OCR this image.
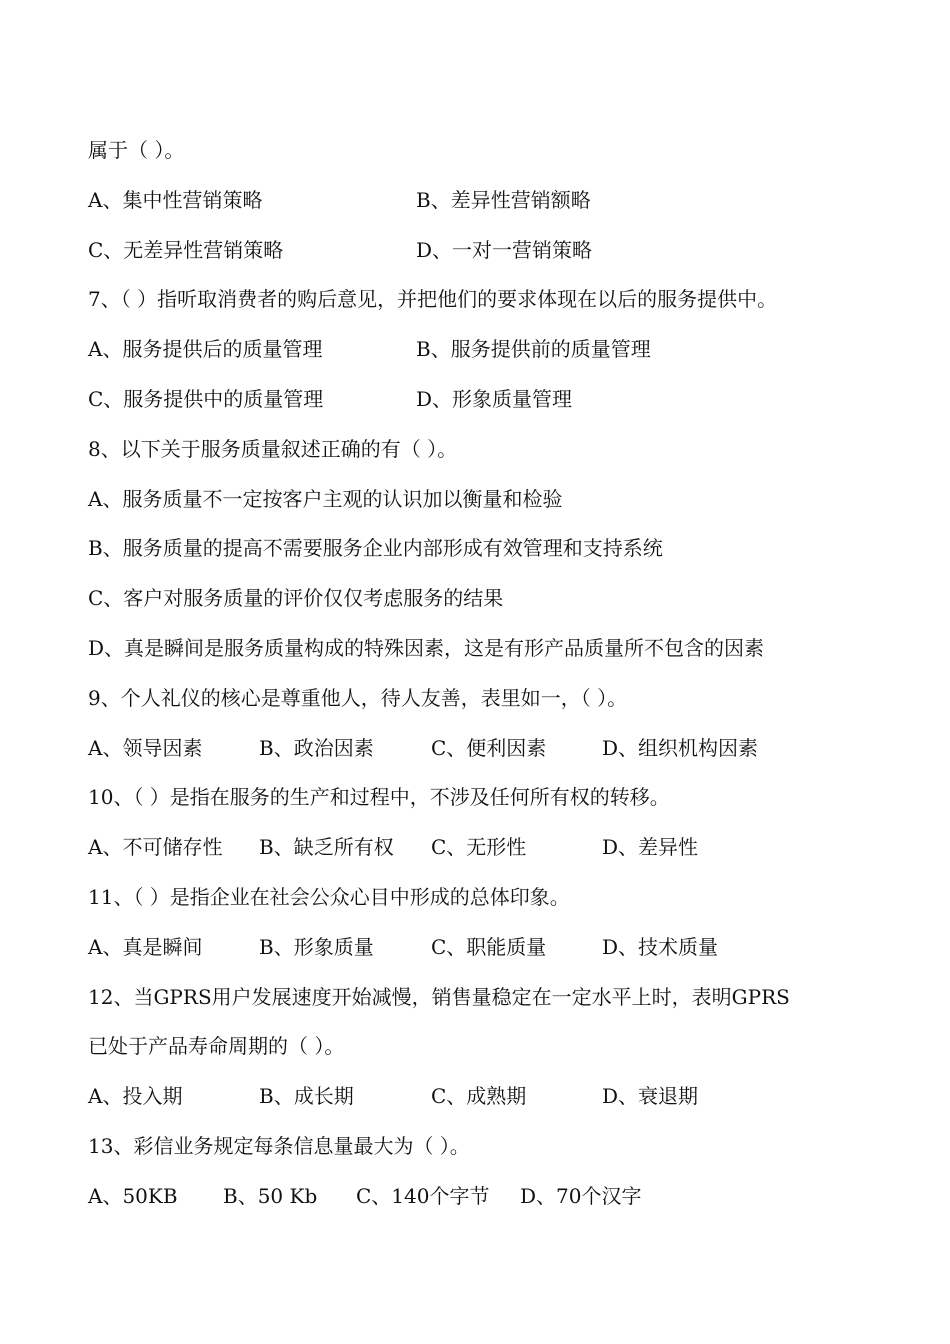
属于（ ）。
A、集中性营销策略	B、差异性营销额略
C、无差异性营销策略	D、一对一营销策略
7、（ ）指听取消费者的购后意见，并把他们的要求体现在以后的服务提供中。
A、服务提供后的质量管理	B、服务提供前的质量管理
C、服务提供中的质量管理	D、形象质量管理
8、以下关于服务质量叙述正确的有（ ）。
A、服务质量不一定按客户主观的认识加以衡量和检验
B、服务质量的提高不需要服务企业内部形成有效管理和支持系统
C、客户对服务质量的评价仅仅考虑服务的结果
D、真是瞬间是服务质量构成的特殊因素，这是有形产品质量所不包含的因素
9、个人礼仪的核心是尊重他人，待人友善，表里如一，（ ）。
A、领导因素	B、政治因素	C、便利因素	D、组织机构因素
10、（ ）是指在服务的生产和过程中，不涉及任何所有权的转移。
A、不可储存性 B、缺乏所有权 C、无形性	D、差异性
11、（ ）是指企业在社会公众心目中形成的总体印象。
A、真是瞬间	B、形象质量	C、职能质量	D、技术质量
12、当GPRS用户发展速度开始减慢，销售量稳定在一定水平上时，表明GPRS
已处于产品寿命周期的（ ）。
A、投入期	B、成长期	C、成熟期	D、衰退期
13、彩信业务规定每条信息量最大为（ ）。
A、50KB B、50 Kb C、140个字节 D、70个汉字
